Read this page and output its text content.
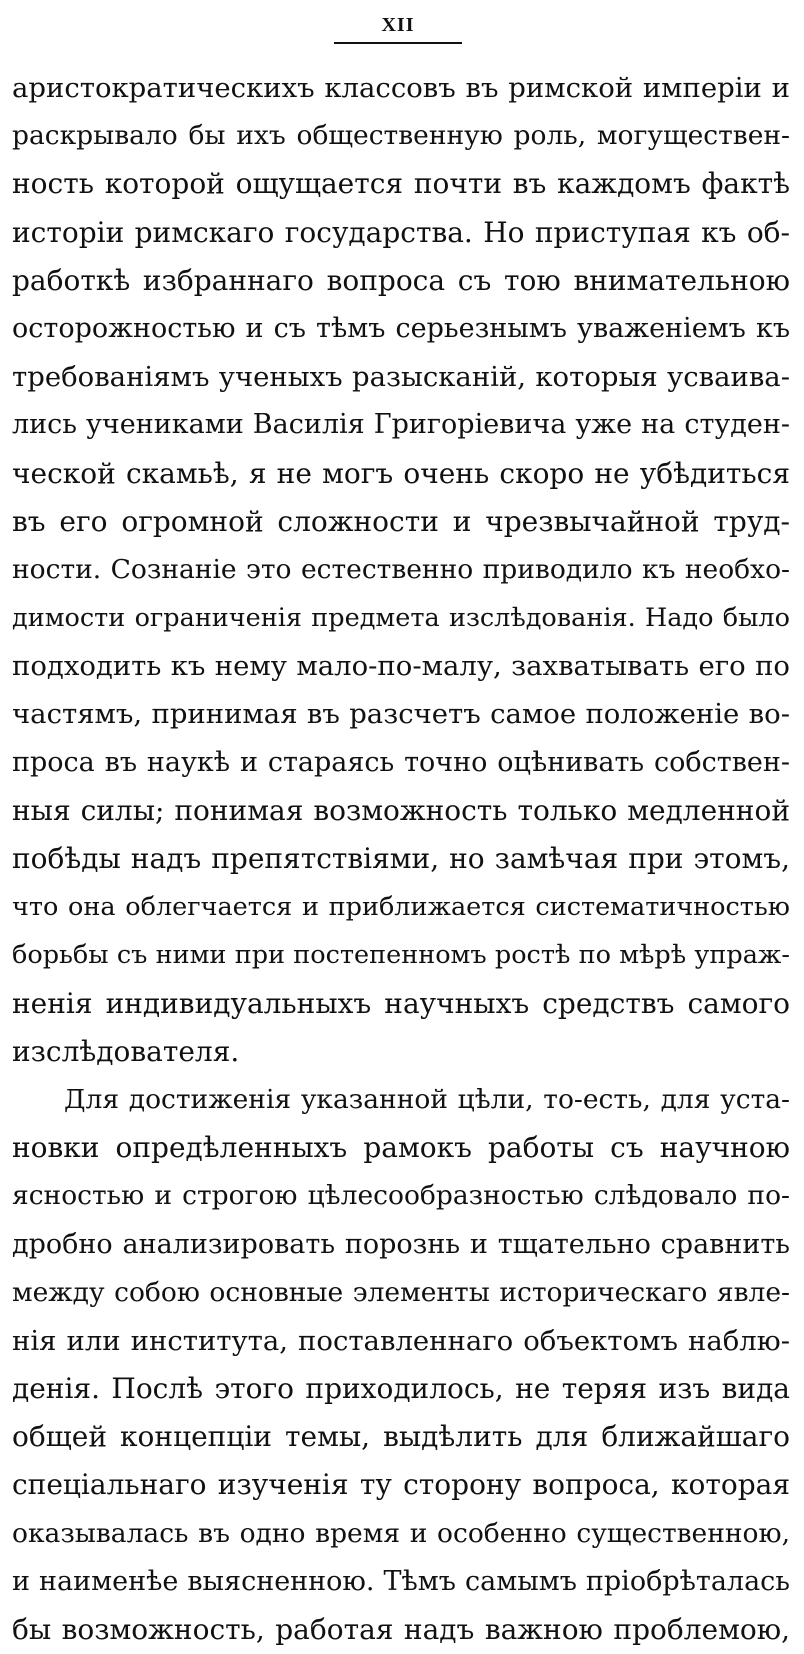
XII
аристократическихъ классовъ въ римской имперіи и
раскрывало бы ихъ общественную роль, могуществен-
ность которой ощущается почти въ каждомъ фактѣ
исторіи римскаго государства. Но приступая къ об-
работкѣ избраннаго вопроса съ тою внимательною
осторожностью и съ тѣмъ серьезнымъ уваженіемъ къ
требованіямъ ученыхъ разысканій, которыя усваива-
лись учениками Василія Григоріевича уже на студен-
ческой скамьѣ, я не могъ очень скоро не убѣдиться
въ его огромной сложности и чрезвычайной труд-
ности. Сознаніе это естественно приводило къ необхо-
димости ограниченія предмета изслѣдованія. Надо было
подходить къ нему мало-по-малу, захватывать его по
частямъ, принимая въ разсчетъ самое положеніе во-
проса въ наукѣ и стараясь точно оцѣнивать собствен-
ныя силы; понимая возможность только медленной
побѣды надъ препятствіями, но замѣчая при этомъ,
что она облегчается и приближается систематичностью
борьбы съ ними при постепенномъ ростѣ по мѣрѣ упраж-
ненія индивидуальныхъ научныхъ средствъ самого
изслѣдователя.
Для достиженія указанной цѣли, то-есть, для уста-
новки опредѣленныхъ рамокъ работы съ научною
ясностью и строгою цѣлесообразностью слѣдовало по-
дробно анализировать порознь и тщательно сравнить
между собою основные элементы историческаго явле-
нія или института, поставленнаго объектомъ наблю-
денія. Послѣ этого приходилось, не теряя изъ вида
общей концепціи темы, выдѣлить для ближайшаго
спеціальнаго изученія ту сторону вопроса, которая
оказывалась въ одно время и особенно существенною,
и наименѣе выясненною. Тѣмъ самымъ пріобрѣталась
бы возможность, работая надъ важною проблемою,
